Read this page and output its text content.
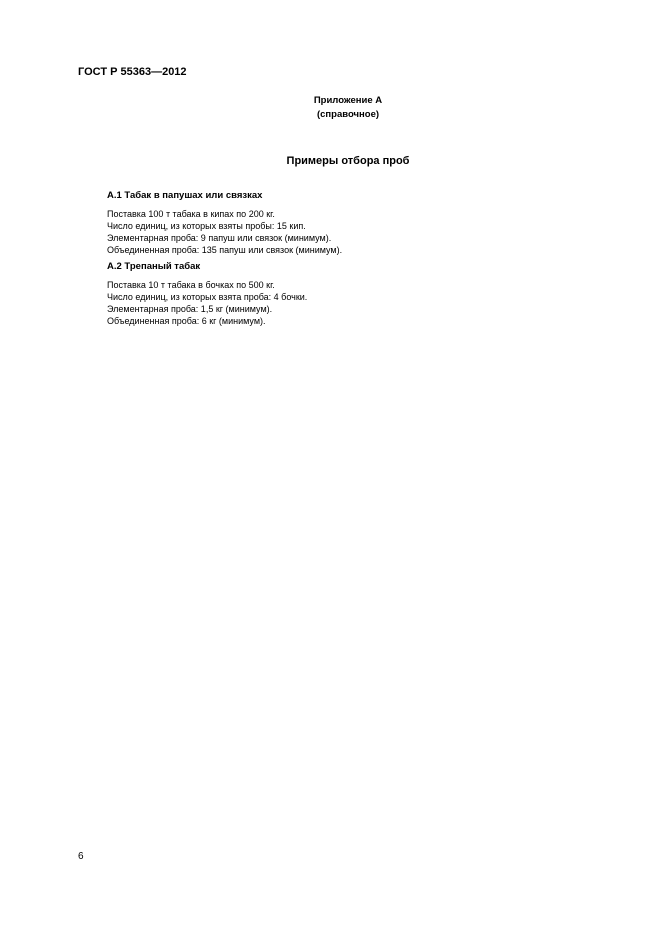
ГОСТ Р 55363—2012
Приложение А
(справочное)
Примеры отбора проб

А.1 Табак в папушах или связках

Поставка 100 т табака в кипах по 200 кг.

Число единиц, из которых взяты пробы: 15 кип.

Элементарная проба: 9 папуш или связок (минимум).

Объединенная проба: 135 папуш или связок (минимум).

А.2 Трепаный табак

Поставка 10 т табака в бочках по 500 кг.

Число единиц, из которых взята проба: 4 бочки.

Элементарная проба: 1,5 кг (минимум).

Объединенная проба: 6 кг (минимум).

6
